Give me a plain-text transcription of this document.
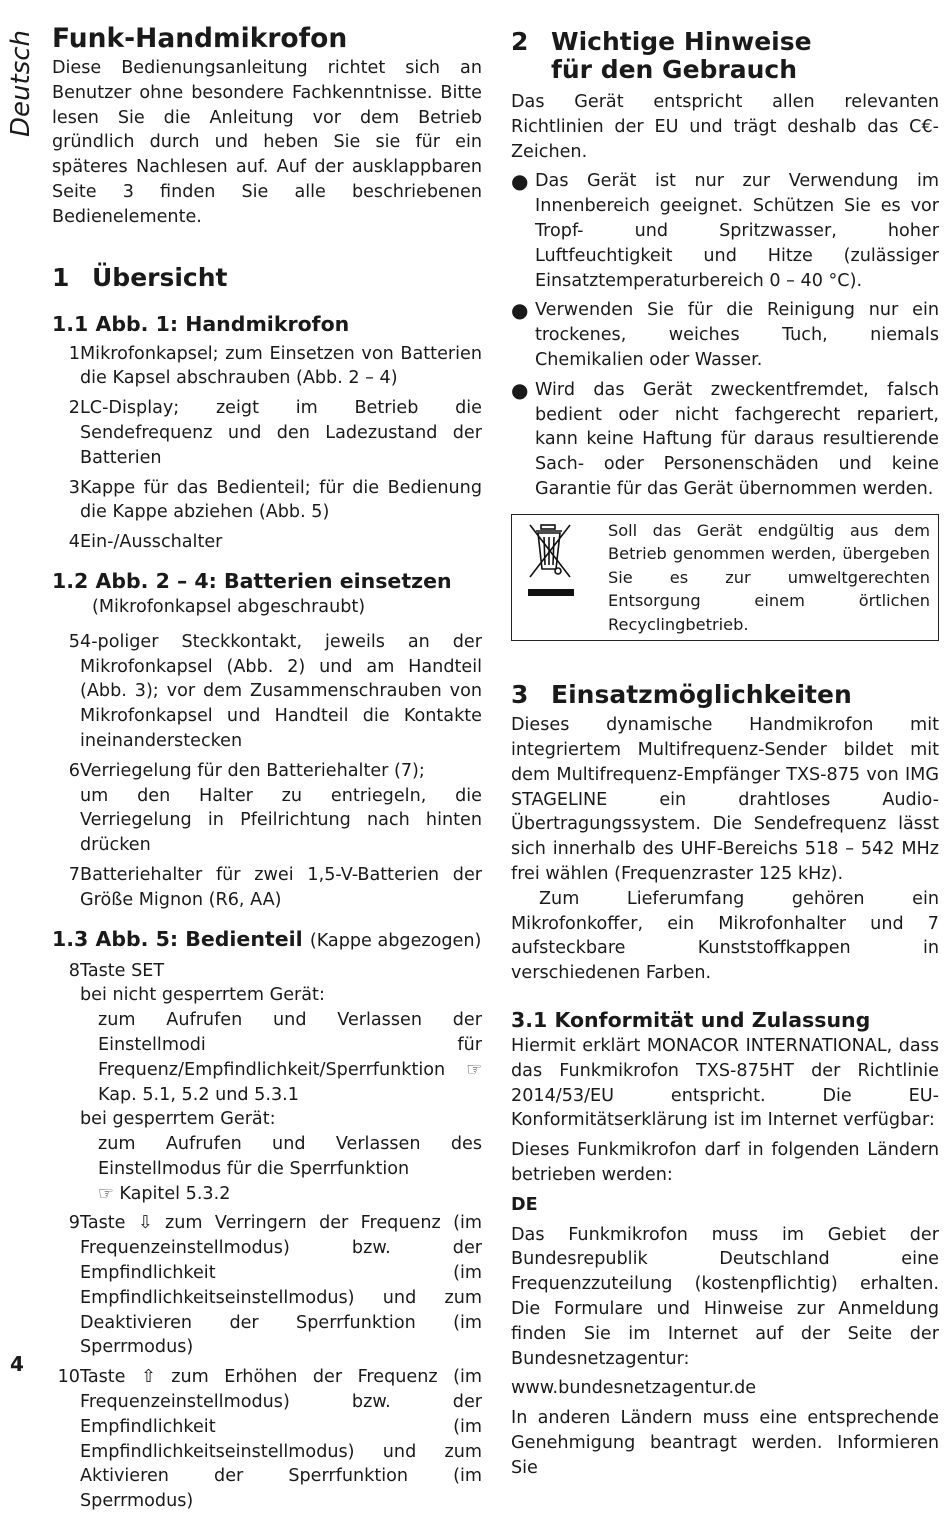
Deutsch Funk-Handmikrofon

Diese Bedienungsanleitung richtet sich an Benutzer ohne besondere Fachkenntnisse. Bitte lesen Sie die Anleitung vor dem Betrieb gründlich durch und heben Sie sie für ein späteres Nachlesen auf. Auf der ausklappbaren Seite 3 finden Sie alle beschriebenen Bedienelemente.

1 Übersicht
1.1 Abb. 1: Handmikrofon
1 Mikrofonkapsel; zum Einsetzen von Batterien die Kapsel abschrauben (Abb. 2 – 4)
2 LC-Display; zeigt im Betrieb die Sendefrequenz und den Ladezustand der Batterien
3 Kappe für das Bedienteil; für die Bedienung die Kappe abziehen (Abb. 5)
4 Ein-/Ausschalter
1.2 Abb. 2 – 4: Batterien einsetzen

(Mikrofonkapsel abgeschraubt)

5 4-poliger Steckkontakt, jeweils an der Mikrofonkapsel (Abb. 2) und am Handteil (Abb. 3); vor dem Zusammenschrauben von Mikrofonkapsel und Handteil die Kontakte ineinanderstecken
6 Verriegelung für den Batteriehalter (7);
um den Halter zu entriegeln, die Verriegelung in Pfeilrichtung nach hinten drücken
7 Batteriehalter für zwei 1,5-V-Batterien der Größe Mignon (R6, AA)
1.3 Abb. 5: Bedienteil (Kappe abgezogen)
8 Taste SET
bei nicht gesperrtem Gerät:
zum Aufrufen und Verlassen der Einstellmodi für Frequenz/Empfindlichkeit/Sperrfunktion ☞ Kap. 5.1, 5.2 und 5.3.1
bei gesperrtem Gerät:
zum Aufrufen und Verlassen des Einstellmodus für die Sperrfunktion
☞ Kapitel 5.3.2
9 Taste ⇩ zum Verringern der Frequenz (im Frequenzeinstellmodus) bzw. der Empfindlichkeit (im Empfindlichkeitseinstellmodus) und zum Deaktivieren der Sperrfunktion (im Sperrmodus)
10 Taste ⇧ zum Erhöhen der Frequenz (im Frequenzeinstellmodus) bzw. der Empfindlichkeit (im Empfindlichkeitseinstellmodus) und zum Aktivieren der Sperrfunktion (im Sperrmodus)
2 Wichtige Hinweise
für den Gebrauch

Das Gerät entspricht allen relevanten Richtlinien der EU und trägt deshalb das C€-Zeichen.

● Das Gerät ist nur zur Verwendung im Innenbereich geeignet. Schützen Sie es vor Tropf- und Spritzwasser, hoher Luftfeuchtigkeit und Hitze (zulässiger Einsatztemperaturbereich 0 – 40 °C).
● Verwenden Sie für die Reinigung nur ein trockenes, weiches Tuch, niemals Chemikalien oder Wasser.
● Wird das Gerät zweckentfremdet, falsch bedient oder nicht fachgerecht repariert, kann keine Haftung für daraus resultierende Sach- oder Personenschäden und keine Garantie für das Gerät übernommen werden.
Soll das Gerät endgültig aus dem Betrieb genommen werden, übergeben Sie es zur umweltgerechten Entsorgung einem örtlichen Recyclingbetrieb.
3 Einsatzmöglichkeiten

Dieses dynamische Handmikrofon mit integriertem Multifrequenz-Sender bildet mit dem Multifrequenz-Empfänger TXS-875 von IMG STAGELINE ein drahtloses Audio-Übertragungssystem. Die Sendefrequenz lässt sich innerhalb des UHF-Bereichs 518 – 542 MHz frei wählen (Frequenzraster 125 kHz).

Zum Lieferumfang gehören ein Mikrofonkoffer, ein Mikrofonhalter und 7 aufsteckbare Kunststoffkappen in verschiedenen Farben.

3.1 Konformität und Zulassung

Hiermit erklärt MONACOR INTERNATIONAL, dass das Funkmikrofon TXS-875HT der Richtlinie 2014/53/EU entspricht. Die EU-Konformitätserklärung ist im Internet verfügbar:

Dieses Funkmikrofon darf in folgenden Ländern betrieben werden:

DE

Das Funkmikrofon muss im Gebiet der Bundesrepublik Deutschland eine Frequenzzuteilung (kostenpflichtig) erhalten. Die Formulare und Hinweise zur Anmeldung finden Sie im Internet auf der Seite der Bundesnetzagentur:

www.bundesnetzagentur.de

In anderen Ländern muss eine entsprechende Genehmigung beantragt werden. Informieren Sie

4
